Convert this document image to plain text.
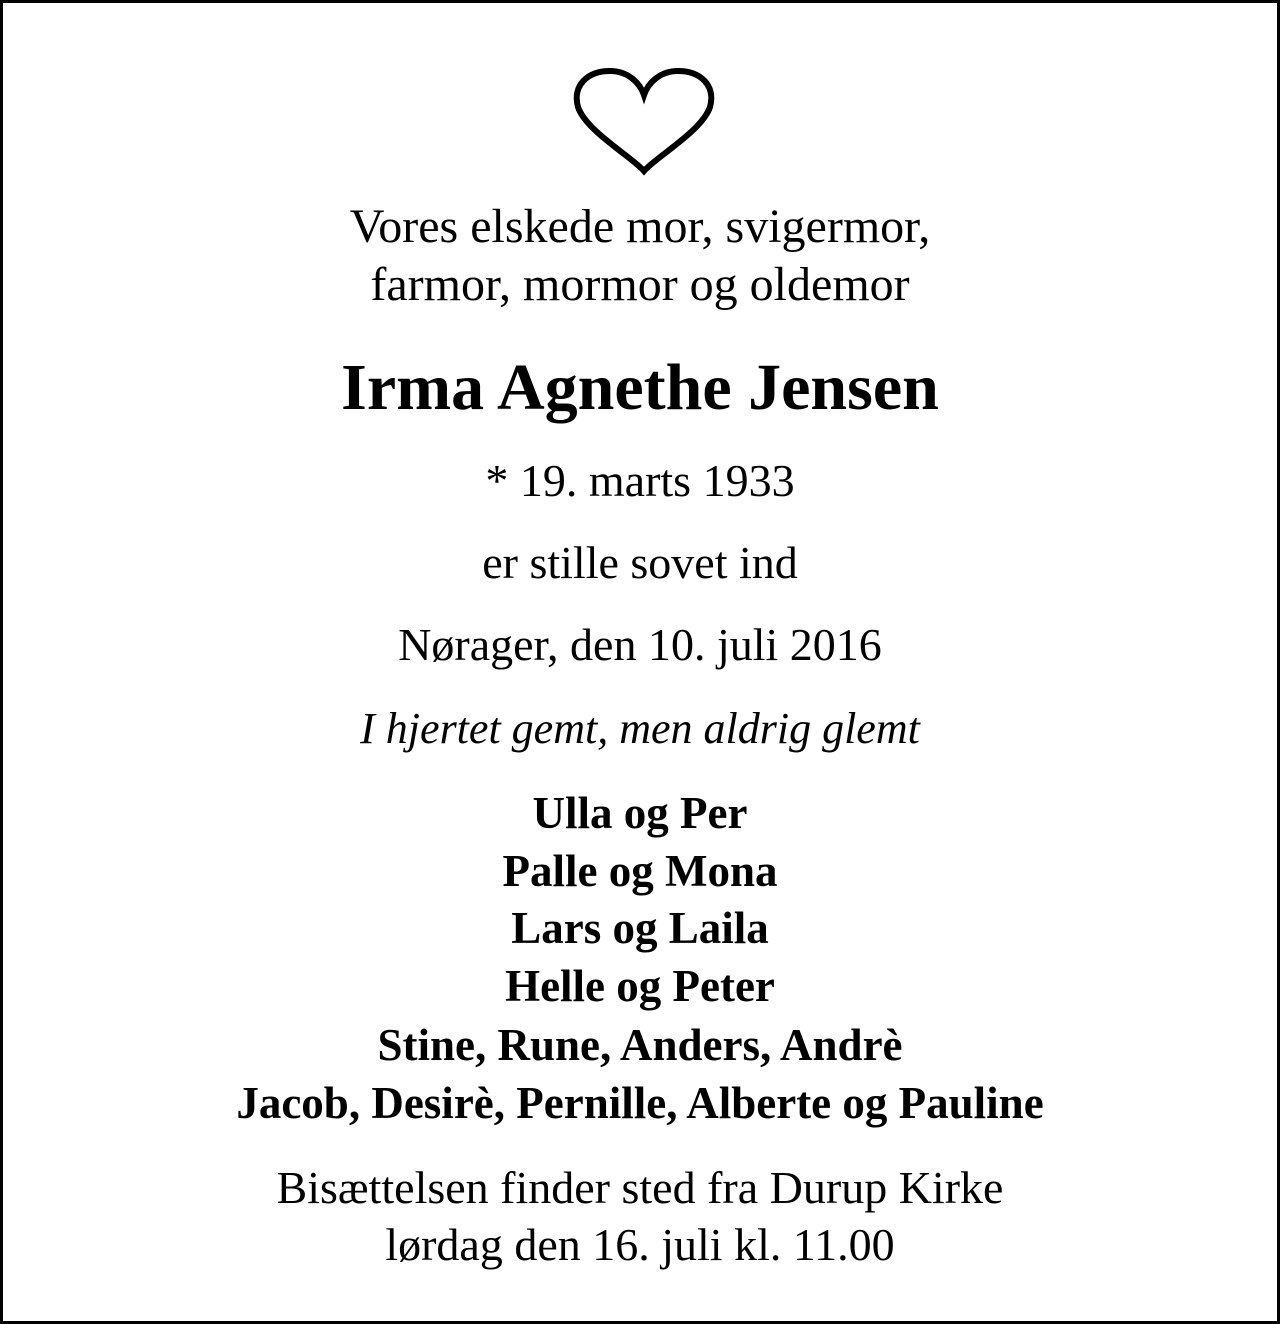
Vores elskede mor, svigermor,
farmor, mormor og oldemor
Irma Agnethe Jensen
* 19. marts 1933
er stille sovet ind
Nørager, den 10. juli 2016
I hjertet gemt, men aldrig glemt
Ulla og Per
Palle og Mona
Lars og Laila
Helle og Peter
Stine, Rune, Anders, Andrè
Jacob, Desirè, Pernille, Alberte og Pauline
Bisættelsen finder sted fra Durup Kirke
lørdag den 16. juli kl. 11.00
